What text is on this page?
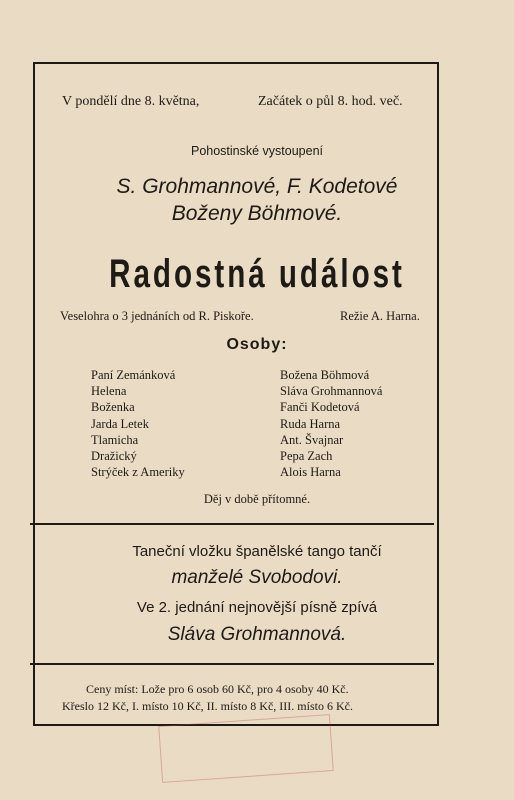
V pondělí dne 8. května,	Začátek o půl 8. hod. več.
Pohostinské vystoupení
S. Grohmannové, F. Kodetové
Boženy Böhmové.
Radostná událost
Veselohra o 3 jednáních od R. Piskoře.	Režie A. Harna.
Osoby:
Paní Zemánková
Helena
Boženka
Jarda Letek
Tlamicha
Dražický
Strýček z Ameriky
Božena Böhmová
Sláva Grohmannová
Fanči Kodetová
Ruda Harna
Ant. Švajnar
Pepa Zach
Alois Harna
Děj v době přítomné.
Taneční vložku španělské tango tančí
manželé Svobodovi.
Ve 2. jednání nejnovější písně zpívá
Sláva Grohmannová.
Ceny míst: Lože pro 6 osob 60 Kč, pro 4 osoby 40 Kč.
Křeslo 12 Kč, I. místo 10 Kč, II. místo 8 Kč, III. místo 6 Kč.
